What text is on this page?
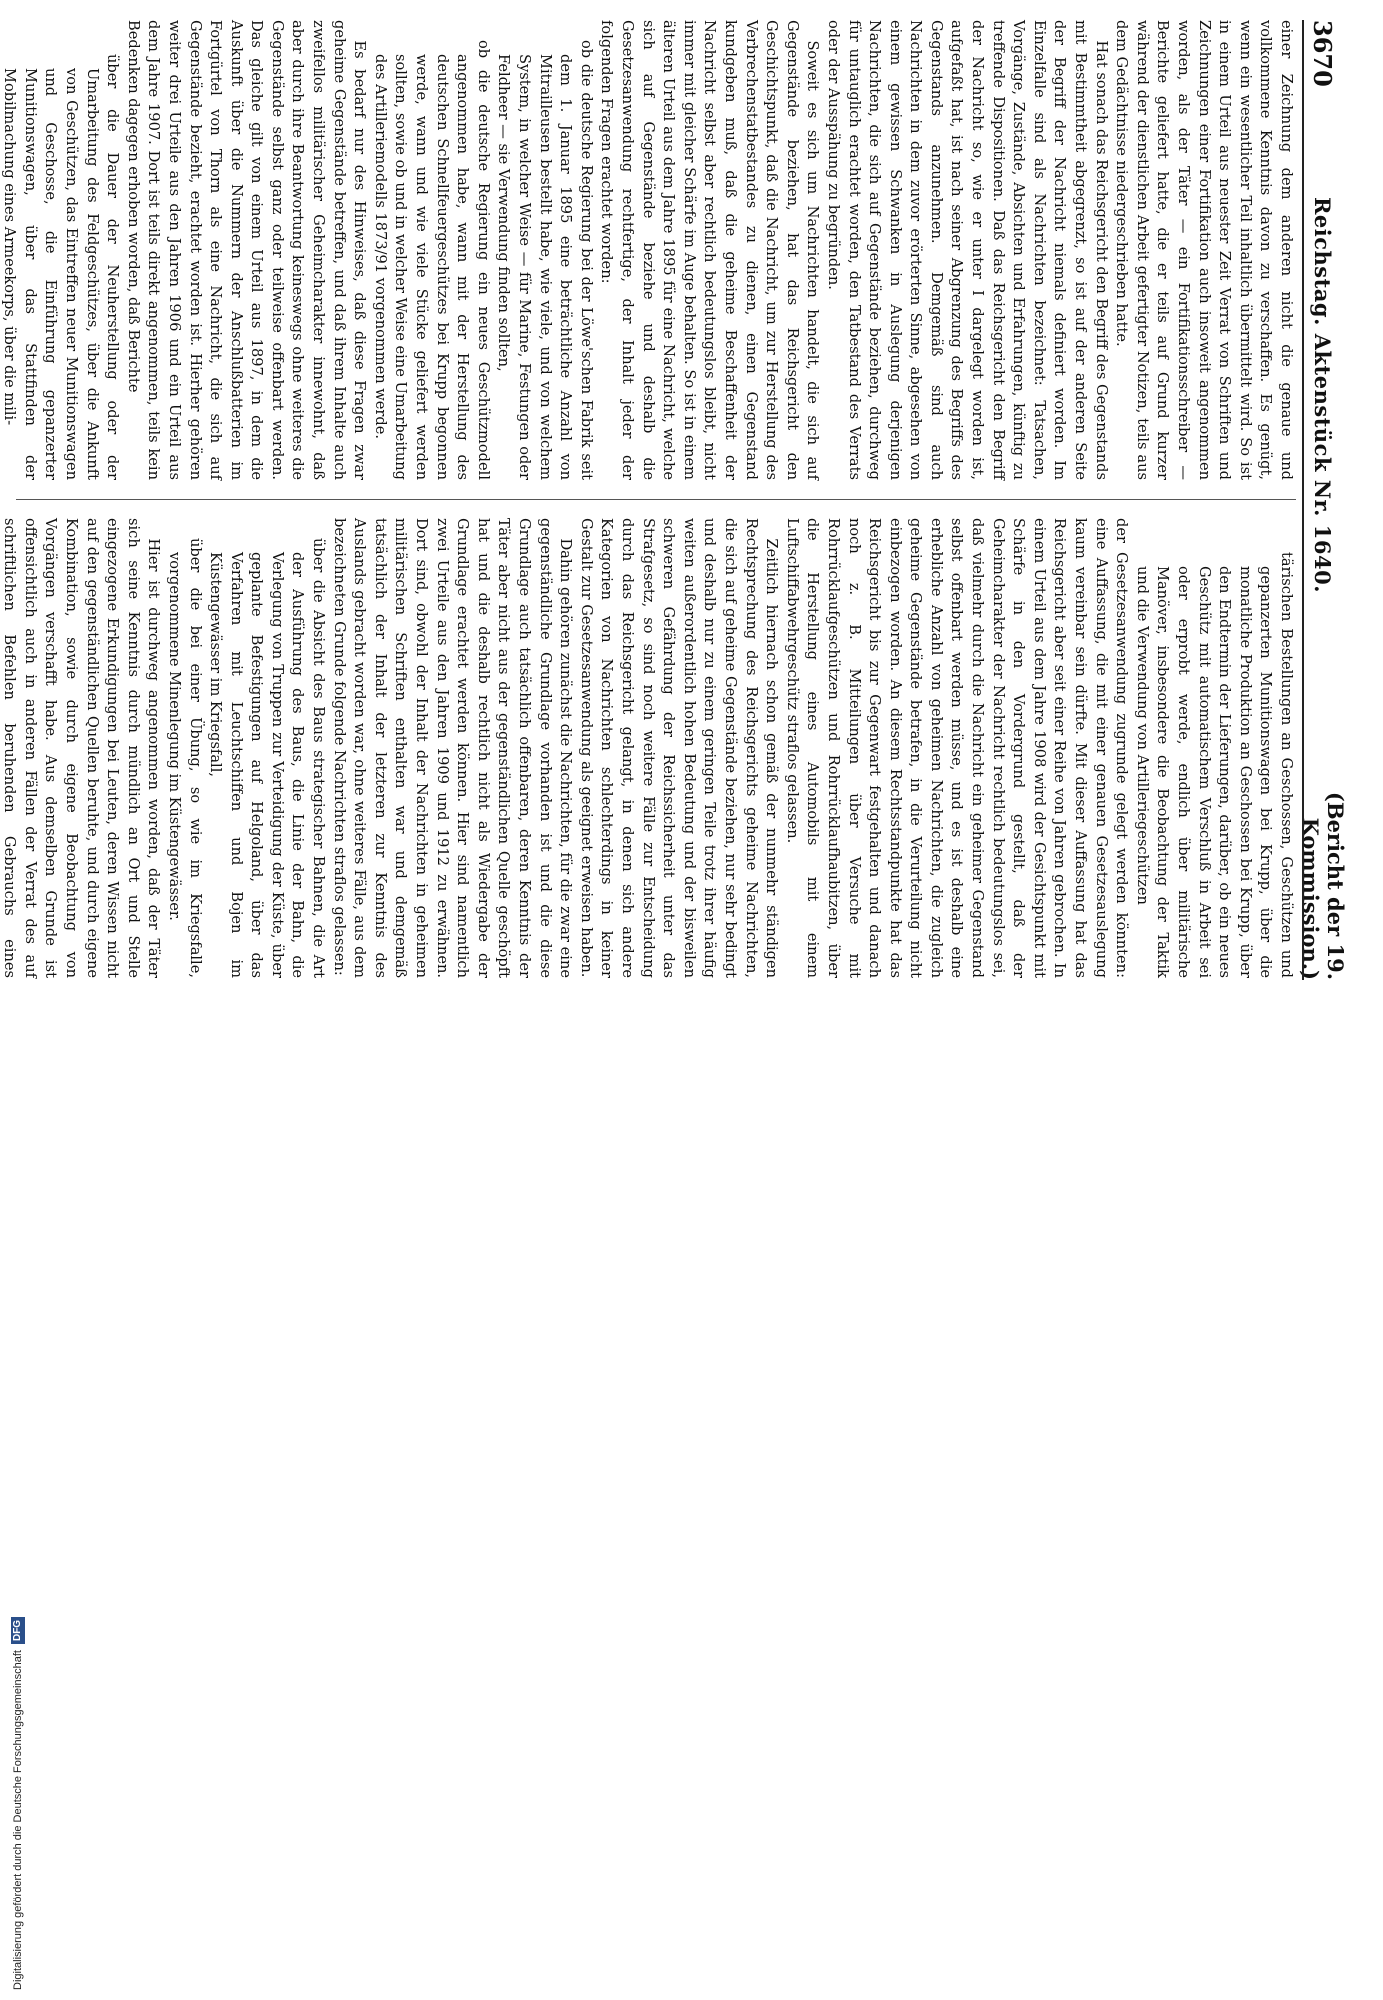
3670
Reichstag. Aktenstück Nr. 1640.
(Bericht der 19. Kommission.)

einer Zeichnung dem anderen nicht die genaue und vollkommene Kenntnis davon zu verschaffen. Es genügt, wenn ein wesentlicher Teil inhaltlich übermittelt wird. So ist in einem Urteil aus neuester Zeit Verrat von Schriften und Zeichnungen einer Fortifikation auch insoweit angenommen worden, als der Täter — ein Fortifikationsschreiber — Berichte geliefert hatte, die er teils auf Grund kurzer während der dienstlichen Arbeit gefertigter Notizen, teils aus dem Gedächtnisse niedergeschrieben hatte.

Hat sonach das Reichsgericht den Begriff des Gegenstands mit Bestimmtheit abgegrenzt, so ist auf der anderen Seite der Begriff der Nachricht niemals definiert worden. Im Einzelfalle sind als Nachrichten bezeichnet: Tatsachen, Vorgänge, Zustände, Absichten und Erfahrungen, künftig zu treffende Dispositionen. Daß das Reichsgericht den Begriff der Nachricht so, wie er unter I dargelegt worden ist, aufgefaßt hat, ist nach seiner Abgrenzung des Begriffs des Gegenstands anzunehmen. Demgemäß sind auch Nachrichten in dem zuvor erörterten Sinne, abgesehen von einem gewissen Schwanken in Auslegung derjenigen Nachrichten, die sich auf Gegenstände beziehen, durchweg für untauglich erachtet worden, den Tatbestand des Verrats oder der Ausspähung zu begründen.

Soweit es sich um Nachrichten handelt, die sich auf Gegenstände beziehen, hat das Reichsgericht den Geschichtspunkt, daß die Nachricht, um zur Herstellung des Verbrechenstatbestandes zu dienen, einen Gegenstand kundgeben muß, daß die geheime Beschaffenheit der Nachricht selbst aber rechtlich bedeutungslos bleibt, nicht immer mit gleicher Schärfe im Auge behalten. So ist in einem älteren Urteil aus dem Jahre 1895 für eine Nachricht, welche sich auf Gegenstände beziehe und deshalb die Gesetzesanwendung rechtfertige, der Inhalt jeder der folgenden Fragen erachtet worden:

ob die deutsche Regierung bei der Löwe'schen Fabrik seit dem 1. Januar 1895 eine beträchtliche Anzahl von Mitrailleusen bestellt habe, wie viele, und von welchem System, in welcher Weise — für Marine, Festungen oder Feldheer — sie Verwendung finden sollten,

ob die deutsche Regierung ein neues Geschützmodell angenommen habe, wann mit der Herstellung des deutschen Schnellfeuergeschützes bei Krupp begonnen werde, wann und wie viele Stücke geliefert werden sollten, sowie ob und in welcher Weise eine Umarbeitung des Artilleriemodells 1873/91 vorgenommen werde.

Es bedarf nur des Hinweises, daß diese Fragen zwar geheime Gegenstände betreffen, und daß ihrem Inhalte auch zweifellos militärischer Geheimcharakter innewohnt, daß aber durch ihre Beantwortung keineswegs ohne weiteres die Gegenstände selbst ganz oder teilweise offenbart werden. Das gleiche gilt von einem Urteil aus 1897, in dem die Auskunft über die Nummern der Anschlußbatterien im Fortgürtel von Thorn als eine Nachricht, die sich auf Gegenstände bezieht, erachtet worden ist. Hierher gehören weiter drei Urteile aus den Jahren 1906 und ein Urteil aus dem Jahre 1907. Dort ist teils direkt angenommen, teils kein Bedenken dagegen erhoben worden, daß Berichte

über die Dauer der Neuherstellung oder der Umarbeitung des Feldgeschützes, über die Ankunft von Geschützen, das Eintreffen neuer Munitionswagen und Geschosse, die Einführung gepanzerter Munitionswagen, über das Stattfinden der Mobilmachung eines Armeekorps, über die mili-

tärischen Bestellungen an Geschossen, Geschützen und gepanzerten Munitionswagen bei Krupp, über die monatliche Produktion an Geschossen bei Krupp, über den Endtermin der Lieferungen, darüber, ob ein neues Geschütz mit automatischem Verschluß in Arbeit sei oder erprobt werde, endlich über militärische Manöver, insbesondere die Beobachtung der Taktik und die Verwendung von Artilleriegeschützen

der Gesetzesanwendung zugrunde gelegt werden könnten: eine Auffassung, die mit einer genauen Gesetzesauslegung kaum vereinbar sein dürfte. Mit dieser Auffassung hat das Reichsgericht aber seit einer Reihe von Jahren gebrochen. In einem Urteil aus dem Jahre 1908 wird der Gesichtspunkt mit Schärfe in den Vordergrund gestellt, daß der Geheimcharakter der Nachricht rechtlich bedeutungslos sei, daß vielmehr durch die Nachricht ein geheimer Gegenstand selbst offenbart werden müsse, und es ist deshalb eine erhebliche Anzahl von geheimen Nachrichten, die zugleich geheime Gegenstände betrafen, in die Verurteilung nicht einbezogen worden. An diesem Rechtsstandpunkte hat das Reichsgericht bis zur Gegenwart festgehalten und danach noch z. B. Mitteilungen über Versuche mit Rohrrücklaufgeschützen und Rohrrücklaufhaubitzen, über die Herstellung eines Automobils mit einem Luftschiffabwehrgeschütz straflos gelassen.

Zeitlich hiernach schon gemäß der nunmehr ständigen Rechtsprechung des Reichsgerichts geheime Nachrichten, die sich auf geheime Gegenstände beziehen, nur sehr bedingt und deshalb nur zu einem geringen Teile trotz ihrer häufig weiten außerordentlich hohen Bedeutung und der bisweilen schweren Gefährdung der Reichssicherheit unter das Strafgesetz, so sind noch weitere Fälle zur Entscheidung durch das Reichsgericht gelangt, in denen sich andere Kategorien von Nachrichten schlechterdings in keiner Gestalt zur Gesetzesanwendung als geeignet erweisen haben.

Dahin gehören zunächst die Nachrichten, für die zwar eine gegenständliche Grundlage vorhanden ist und die diese Grundlage auch tatsächlich offenbaren, deren Kenntnis der Täter aber nicht aus der gegenständlichen Quelle geschöpft hat und die deshalb rechtlich nicht als Wiedergabe der Grundlage erachtet werden können. Hier sind namentlich zwei Urteile aus den Jahren 1909 und 1912 zu erwähnen. Dort sind, obwohl der Inhalt der Nachrichten in geheimen militärischen Schriften enthalten war und demgemäß tatsächlich der Inhalt der letzteren zur Kenntnis des Auslands gebracht worden war, ohne weiteres Fälle, aus dem bezeichneten Grunde folgende Nachrichten straflos gelassen:

über die Absicht des Baus strategischer Bahnen, die Art der Ausführung des Baus, die Linie der Bahn, die Verlegung von Truppen zur Verteidigung der Küste, über geplante Befestigungen auf Helgoland, über das Verfahren mit Leuchtschiffen und Bojen im Küstengewässer im Kriegsfall,

über die bei einer Übung, so wie im Kriegsfalle, vorgenommene Minenlegung im Küstengewässer.

Hier ist durchweg angenommen worden, daß der Täter sich seine Kenntnis durch mündlich an Ort und Stelle eingezogene Erkundigungen bei Leuten, deren Wissen nicht auf den gegenständlichen Quellen beruhte, und durch eigene Kombination, sowie durch eigene Beobachtung von Vorgängen verschafft habe. Aus demselben Grunde ist offensichtlich auch in anderen Fällen der Verrat des auf schriftlichen Befehlen beruhenden Gebrauchs eines

Digitalisierung gefördert durch die Deutsche Forschungsgemeinschaft
DFG
